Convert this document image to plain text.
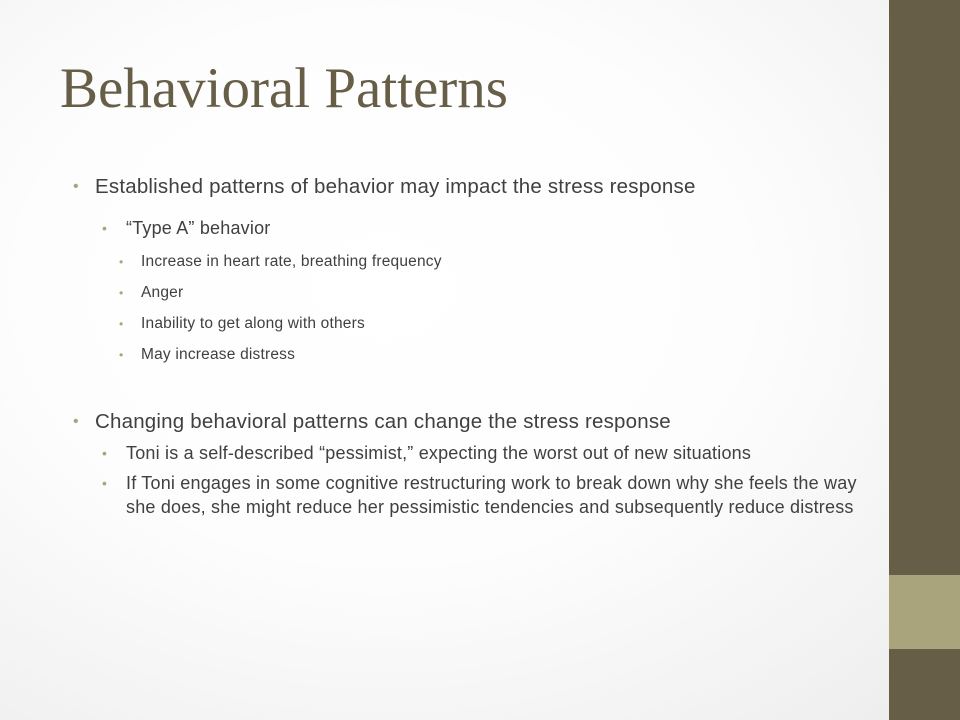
Behavioral Patterns
• Established patterns of behavior may impact the stress response
• “Type A” behavior
• Increase in heart rate, breathing frequency
• Anger
• Inability to get along with others
• May increase distress
• Changing behavioral patterns can change the stress response
• Toni is a self-described “pessimist,” expecting the worst out of new situations
• If Toni engages in some cognitive restructuring work to break down why she feels the way she does, she might reduce her pessimistic tendencies and subsequently reduce distress
